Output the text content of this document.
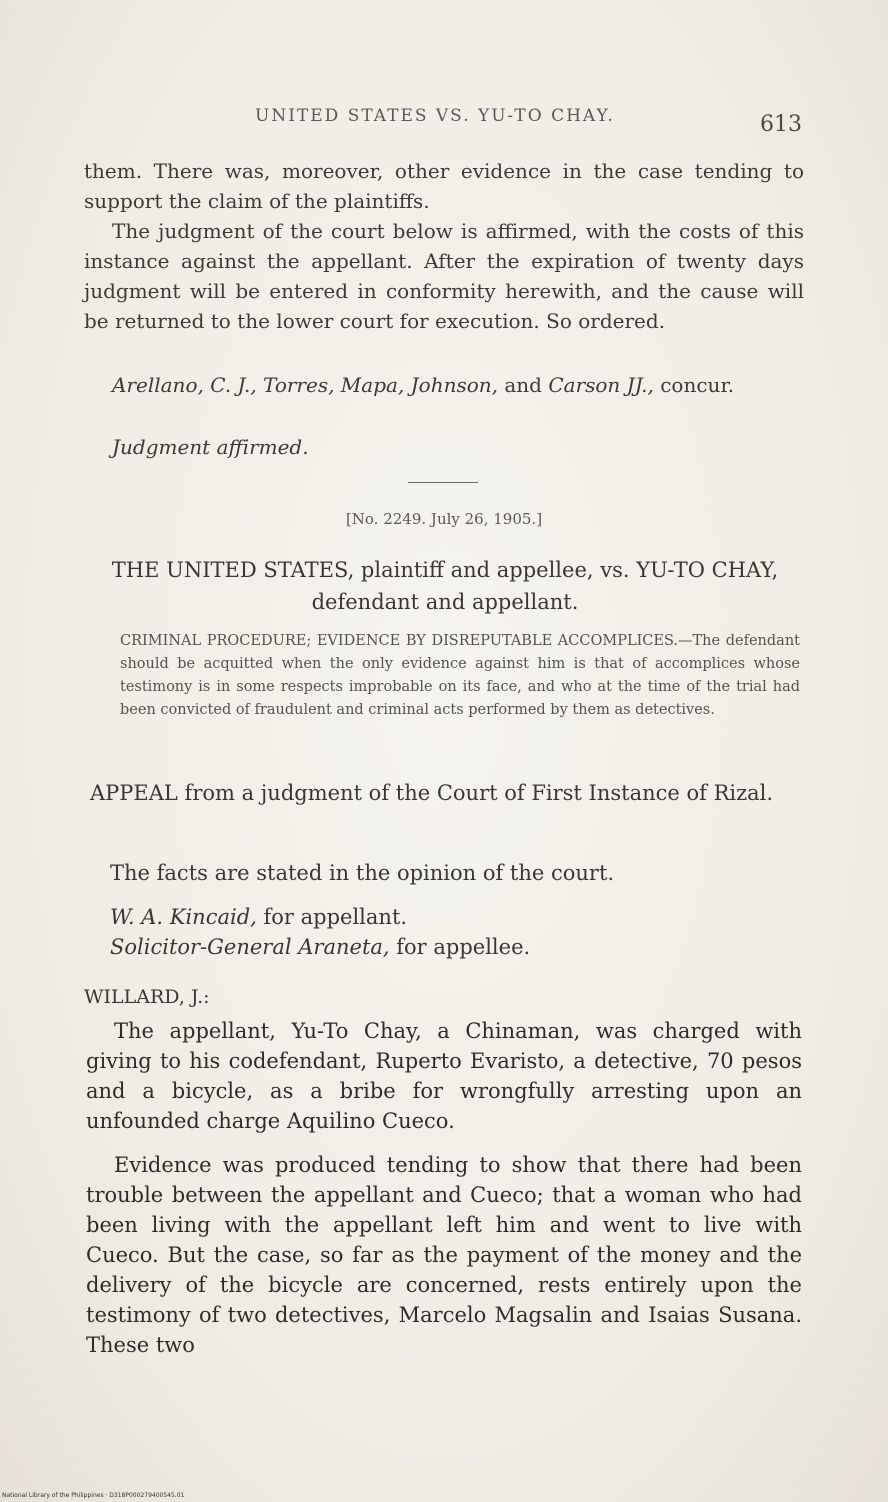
UNITED STATES VS. YU-TO CHAY.	613

them. There was, moreover, other evidence in the case tending to support the claim of the plaintiffs.

The judgment of the court below is affirmed, with the costs of this instance against the appellant. After the expiration of twenty days judgment will be entered in conformity herewith, and the cause will be returned to the lower court for execution. So ordered.

Arellano, C. J., Torres, Mapa, Johnson, and Carson JJ., concur.

Judgment affirmed.

[No. 2249. July 26, 1905.]

THE UNITED STATES, plaintiff and appellee, vs. YU-TO CHAY, defendant and appellant.

CRIMINAL PROCEDURE; EVIDENCE BY DISREPUTABLE ACCOMPLICES.—The defendant should be acquitted when the only evidence against him is that of accomplices whose testimony is in some respects improbable on its face, and who at the time of the trial had been convicted of fraudulent and criminal acts performed by them as detectives.

APPEAL from a judgment of the Court of First Instance of Rizal.

The facts are stated in the opinion of the court.

W. A. Kincaid, for appellant.

Solicitor-General Araneta, for appellee.

WILLARD, J.:

The appellant, Yu-To Chay, a Chinaman, was charged with giving to his codefendant, Ruperto Evaristo, a detective, 70 pesos and a bicycle, as a bribe for wrongfully arresting upon an unfounded charge Aquilino Cueco.

Evidence was produced tending to show that there had been trouble between the appellant and Cueco; that a woman who had been living with the appellant left him and went to live with Cueco. But the case, so far as the payment of the money and the delivery of the bicycle are concerned, rests entirely upon the testimony of two detectives, Marcelo Magsalin and Isaias Susana. These two

National Library of the Philippines · D318P000279400545.01
